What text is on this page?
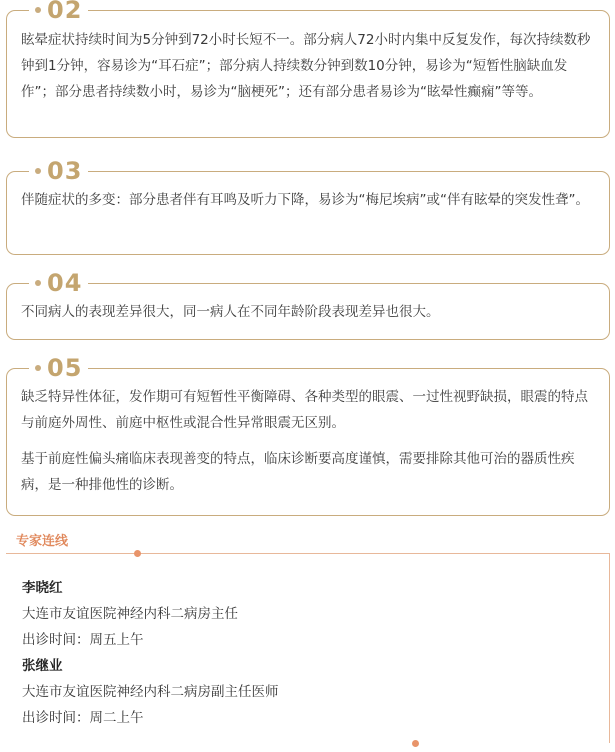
02

眩晕症状持续时间为5分钟到72小时长短不一。部分病人72小时内集中反复发作，每次持续数秒钟到1分钟，容易诊为“耳石症”；部分病人持续数分钟到数10分钟，易诊为“短暂性脑缺血发作”；部分患者持续数小时，易诊为“脑梗死”；还有部分患者易诊为“眩晕性癫痫”等等。

03

伴随症状的多变：部分患者伴有耳鸣及听力下降，易诊为“梅尼埃病”或“伴有眩晕的突发性聋”。

04

不同病人的表现差异很大，同一病人在不同年龄阶段表现差异也很大。

05

缺乏特异性体征，发作期可有短暂性平衡障碍、各种类型的眼震、一过性视野缺损，眼震的特点与前庭外周性、前庭中枢性或混合性异常眼震无区别。

基于前庭性偏头痛临床表现善变的特点，临床诊断要高度谨慎，需要排除其他可治的器质性疾病，是一种排他性的诊断。

专家连线
李晓红
大连市友谊医院神经内科二病房主任
出诊时间：周五上午
张继业
大连市友谊医院神经内科二病房副主任医师
出诊时间：周二上午
